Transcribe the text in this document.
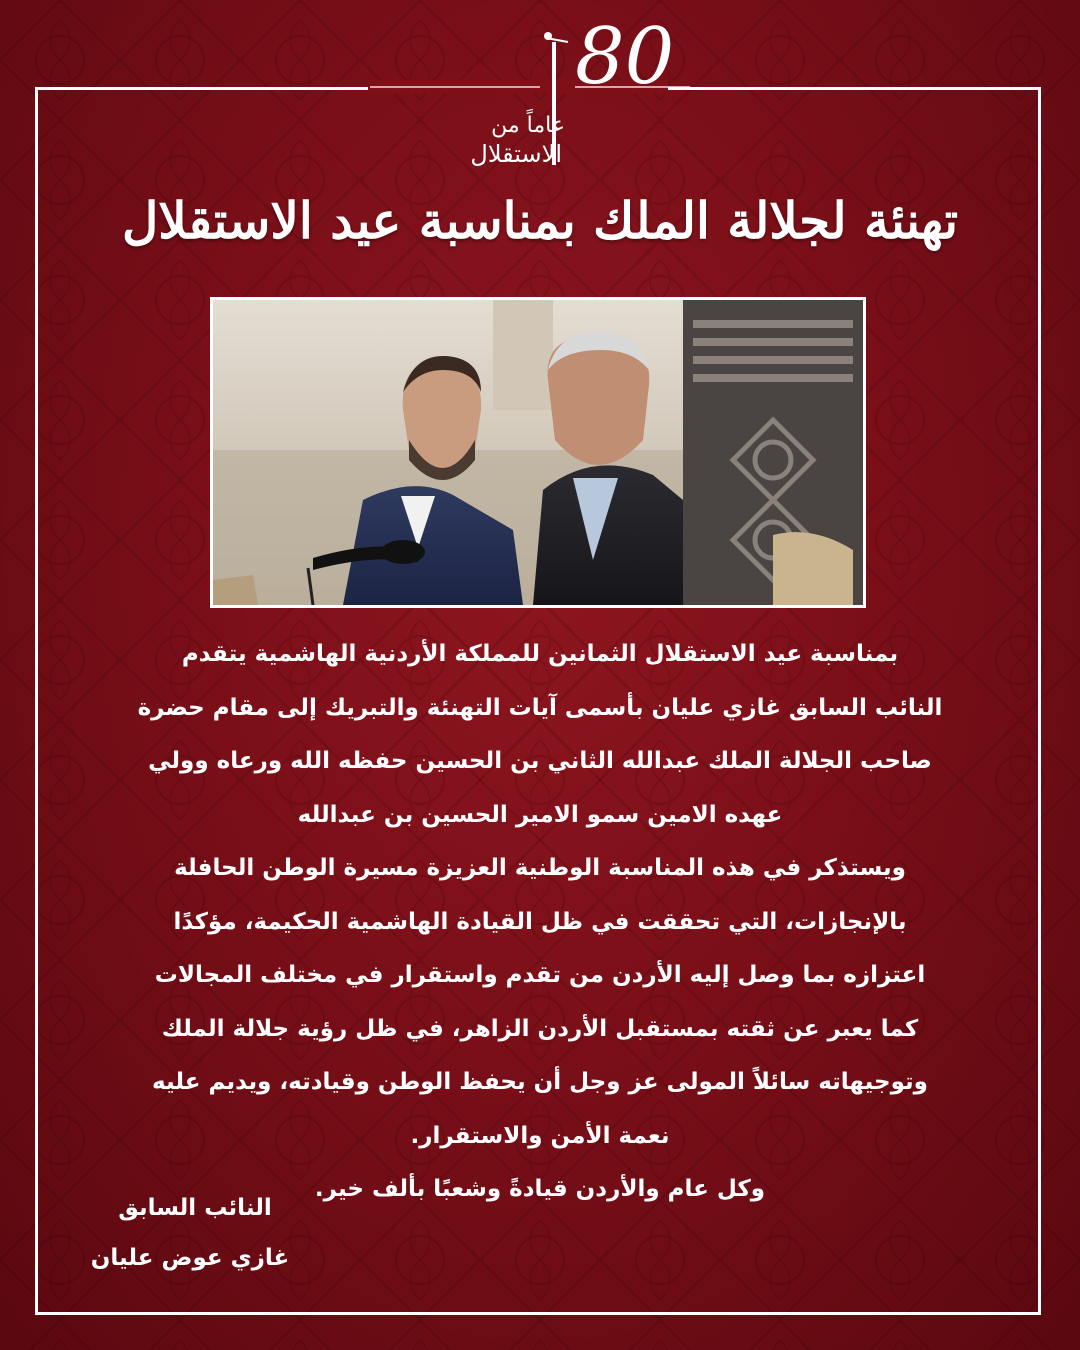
80
عاماً من
الاستقلال
تهنئة لجلالة الملك بمناسبة عيد الاستقلال
بمناسبة عيد الاستقلال الثمانين للمملكة الأردنية الهاشمية يتقدم
النائب السابق غازي عليان بأسمى آيات التهنئة والتبريك إلى مقام حضرة
صاحب الجلالة الملك عبدالله الثاني بن الحسين حفظه الله ورعاه وولي
عهده الامين سمو الامير الحسين بن عبدالله
ويستذكر في هذه المناسبة الوطنية العزيزة مسيرة الوطن الحافلة
بالإنجازات، التي تحققت في ظل القيادة الهاشمية الحكيمة، مؤكدًا
اعتزازه بما وصل إليه الأردن من تقدم واستقرار في مختلف المجالات
كما يعبر عن ثقته بمستقبل الأردن الزاهر، في ظل رؤية جلالة الملك
وتوجيهاته سائلاً المولى عز وجل أن يحفظ الوطن وقيادته، ويديم عليه
نعمة الأمن والاستقرار.
وكل عام والأردن قيادةً وشعبًا بألف خير.
النائب السابق
غازي عوض عليان
